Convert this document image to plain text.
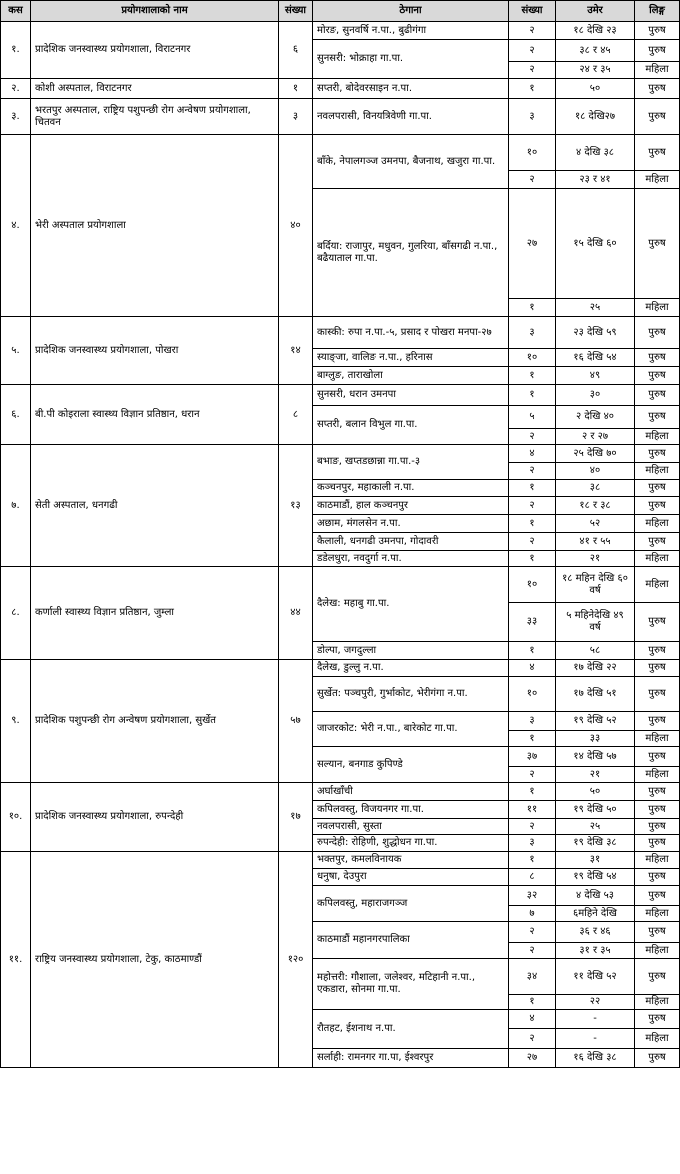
कस	प्रयोगशालाको नाम	संख्या	ठेगाना	संख्या	उमेर	लिङ्ग
१.	प्रादेशिक जनस्वास्थ्य प्रयोगशाला, विराटनगर	६	मोरङ, सुनवर्षि न.पा., बुढीगंगा	२	१८ देखि २३	पुरुष
			सुनसरी: भोक्राहा गा.पा.	२	३८ र ४५	पुरुष
				२	२४ र ३५	महिला
२.	कोशी अस्पताल, विराटनगर	१	सप्तरी, बोदेवरसाइन न.पा.	१	५०	पुरुष
३.	भरतपुर अस्पताल, राष्ट्रिय पशुपन्छी रोग अन्वेषण प्रयोगशाला, चितवन	३	नवलपरासी, विनयत्रिवेणी गा.पा.	३	१८ देखि२७	पुरुष
४.	भेरी अस्पताल प्रयोगशाला	४०	बाँके, नेपालगञ्ज उमनपा, बैजनाथ, खजुरा गा.पा.	१०	४ देखि ३८	पुरुष
				२	२३ र ४१	महिला
			बर्दिया: राजापुर, मधुवन, गुलरिया, बाँसगढी न.पा., बढैयाताल गा.पा.	२७	१५ देखि ६०	पुरुष
				१	२५	महिला
५.	प्रादेशिक जनस्वास्थ्य प्रयोगशाला, पोखरा	१४	कास्की: रुपा न.पा.-५, प्रसाद र पोखरा मनपा-२७	३	२३ देखि ५९	पुरुष
			स्याङ्जा, वालिङ न.पा., हरिनास	१०	१६ देखि ५४	पुरुष
			बाग्लुङ, ताराखोला	१	४९	पुरुष
६.	बी.पी कोइराला स्वास्थ्य विज्ञान प्रतिष्ठान, धरान	८	सुनसरी, धरान उमनपा	१	३०	पुरुष
			सप्तरी, बलान विभुल गा.पा.	५	२ देखि ४०	पुरुष
				२	२ र २७	महिला
७.	सेती अस्पताल, धनगढी	१३	बभाङ, खप्तडछान्ना गा.पा.-३	४	२५ देखि ७०	पुरुष
				२	४०	महिला
			कञ्चनपुर, महाकाली न.पा.	१	३८	पुरुष
			काठमाडौं, हाल कञ्चनपुर	२	१८ र ३८	पुरुष
			अछाम, मंगलसेन न.पा.	१	५२	महिला
			कैलाली, धनगढी उमनपा, गोदावरी	२	४१ र ५५	पुरुष
			डडेलधुरा, नवदुर्गा न.पा.	१	२१	महिला
८.	कर्णाली स्वास्थ्य विज्ञान प्रतिष्ठान, जुम्ला	४४	दैलेख: महाबु गा.पा.	१०	१८ महिन देखि ६० वर्ष	महिला
				३३	५ महिनेदेखि ४९ वर्ष	पुरुष
			डोल्पा, जगदुल्ला	१	५८	पुरुष
९.	प्रादेशिक पशुपन्छी रोग अन्वेषण प्रयोगशाला, सुर्खेत	५७	दैलेख, डुल्लु न.पा.	४	१७ देखि २२	पुरुष
			सुर्खेत: पञ्चपुरी, गुर्भाकोट, भेरीगंगा न.पा.	१०	१७ देखि ५१	पुरुष
			जाजरकोट: भेरी न.पा., बारेकोट गा.पा.	३	१९ देखि ५२	पुरुष
				१	३३	महिला
			सल्यान, बनगाड कुपिण्डे	३७	१४ देखि ५७	पुरुष
				२	२१	महिला
१०.	प्रादेशिक जनस्वास्थ्य प्रयोगशाला, रुपन्देही	१७	अर्घाखाँची	१	५०	पुरुष
			कपिलवस्तु, विजयनगर गा.पा.	११	१९ देखि ५०	पुरुष
			नवलपरासी, सुस्ता	२	२५	पुरुष
			रुपन्देही: रोहिणी, शुद्धोधन गा.पा.	३	१९ देखि ३८	पुरुष
११.	राष्ट्रिय जनस्वास्थ्य प्रयोगशाला, टेकु, काठमाण्डौं	१२०	भक्तपुर, कमलविनायक	१	३१	महिला
			धनुषा, देउपुरा	८	१९ देखि ५४	पुरुष
			कपिलवस्तु, महाराजगञ्ज	३२	४ देखि ५३	पुरुष
				७	६महिने देखि	महिला
			काठमाडौं महानगरपालिका	२	३६ र ४६	पुरुष
				२	३१ र ३५	महिला
			महोत्तरी: गौशाला, जलेश्वर, मटिहानी न.पा., एकडारा, सोनमा गा.पा.	३४	११ देखि ५२	पुरुष
				१	२२	महिला
			रौतहट, ईशनाथ न.पा.	४	-	पुरुष
				२	-	महिला
			सर्लाही: रामनगर गा.पा, ईश्वरपुर	२७	१६ देखि ३८	पुरुष
